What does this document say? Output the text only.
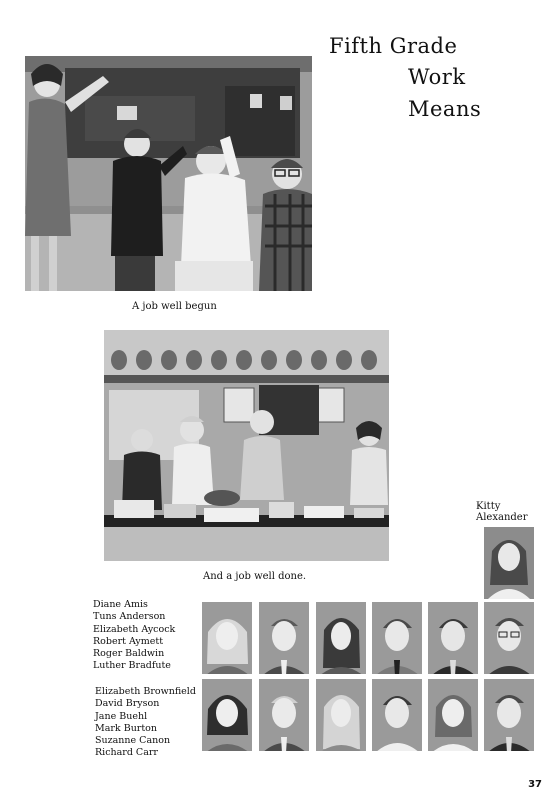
Fifth Grade
Work
Means
A job well begun
And a job well done.
Kitty Alexander
Diane Amis
Tuns Anderson
Elizabeth Aycock
Robert Aymett
Roger Baldwin
Luther Bradfute
Elizabeth Brownfield
David Bryson
Jane Buehl
Mark Burton
Suzanne Canon
Richard Carr
37
